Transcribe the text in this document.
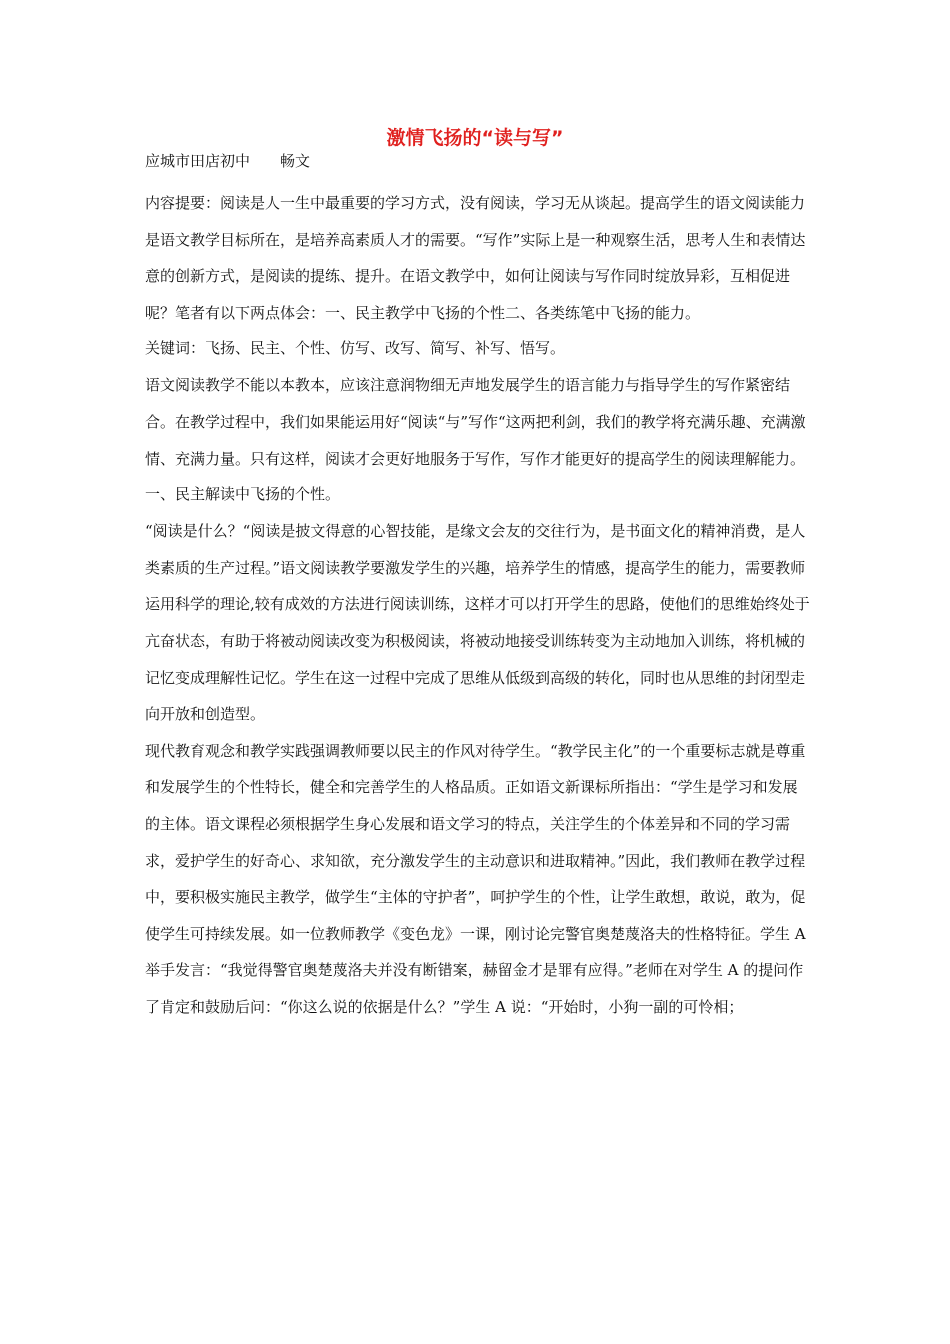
激情飞扬的“读与写”

应城市田店初中　　畅文

内容提要：阅读是人一生中最重要的学习方式，没有阅读，学习无从谈起。提高学生的语文阅读能力是语文教学目标所在，是培养高素质人才的需要。“写作”实际上是一种观察生活，思考人生和表情达意的创新方式，是阅读的提练、提升。在语文教学中，如何让阅读与写作同时绽放异彩，互相促进呢？笔者有以下两点体会：一、民主教学中飞扬的个性二、各类练笔中飞扬的能力。

关键词：飞扬、民主、个性、仿写、改写、简写、补写、悟写。

语文阅读教学不能以本教本，应该注意润物细无声地发展学生的语言能力与指导学生的写作紧密结合。在教学过程中，我们如果能运用好“阅读“与”写作“这两把利剑，我们的教学将充满乐趣、充满激情、充满力量。只有这样，阅读才会更好地服务于写作，写作才能更好的提高学生的阅读理解能力。

一、民主解读中飞扬的个性。

“阅读是什么？“阅读是披文得意的心智技能，是缘文会友的交往行为，是书面文化的精神消费，是人类素质的生产过程。”语文阅读教学要激发学生的兴趣，培养学生的情感，提高学生的能力，需要教师运用科学的理论,较有成效的方法进行阅读训练，这样才可以打开学生的思路，使他们的思维始终处于亢奋状态，有助于将被动阅读改变为积极阅读，将被动地接受训练转变为主动地加入训练，将机械的记忆变成理解性记忆。学生在这一过程中完成了思维从低级到高级的转化，同时也从思维的封闭型走向开放和创造型。

现代教育观念和教学实践强调教师要以民主的作风对待学生。“教学民主化”的一个重要标志就是尊重和发展学生的个性特长，健全和完善学生的人格品质。正如语文新课标所指出：“学生是学习和发展的主体。语文课程必须根据学生身心发展和语文学习的特点，关注学生的个体差异和不同的学习需求，爱护学生的好奇心、求知欲，充分激发学生的主动意识和进取精神。”因此，我们教师在教学过程中，要积极实施民主教学，做学生“主体的守护者”，呵护学生的个性，让学生敢想，敢说，敢为，促使学生可持续发展。如一位教师教学《变色龙》一课，刚讨论完警官奥楚蔑洛夫的性格特征。学生 A 举手发言：“我觉得警官奥楚蔑洛夫并没有断错案，赫留金才是罪有应得。”老师在对学生 A 的提问作了肯定和鼓励后问：“你这么说的依据是什么？”学生 A 说：“开始时，小狗一副的可怜相；
